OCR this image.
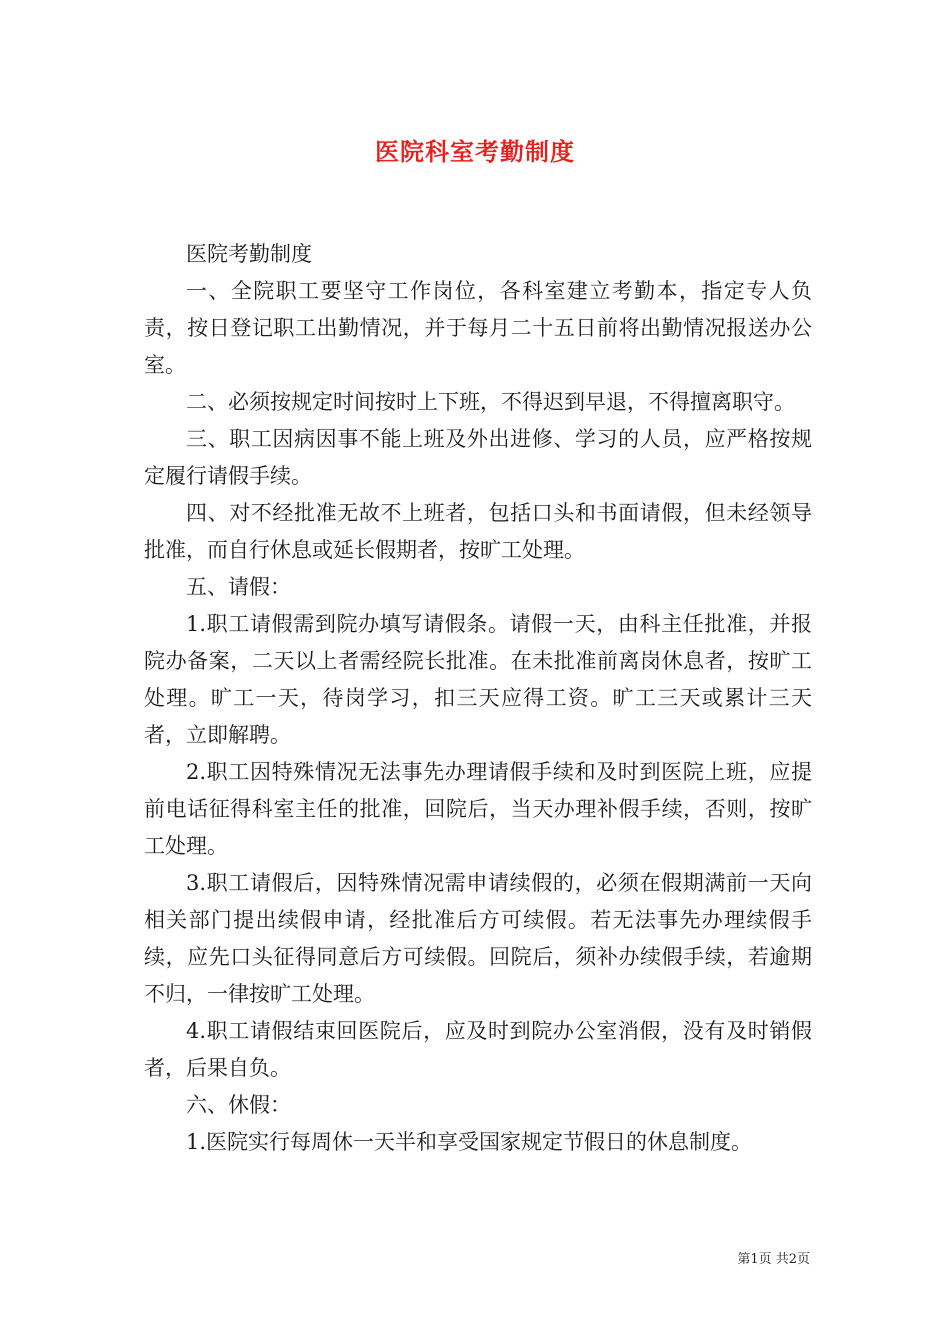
医院科室考勤制度

医院考勤制度

一、全院职工要坚守工作岗位，各科室建立考勤本，指定专人负责，按日登记职工出勤情况，并于每月二十五日前将出勤情况报送办公室。

二、必须按规定时间按时上下班，不得迟到早退，不得擅离职守。

三、职工因病因事不能上班及外出进修、学习的人员，应严格按规定履行请假手续。

四、对不经批准无故不上班者，包括口头和书面请假，但未经领导批准，而自行休息或延长假期者，按旷工处理。

五、请假：

1.职工请假需到院办填写请假条。请假一天，由科主任批准，并报院办备案，二天以上者需经院长批准。在未批准前离岗休息者，按旷工处理。旷工一天，待岗学习，扣三天应得工资。旷工三天或累计三天者，立即解聘。

2.职工因特殊情况无法事先办理请假手续和及时到医院上班，应提前电话征得科室主任的批准，回院后，当天办理补假手续，否则，按旷工处理。

3.职工请假后，因特殊情况需申请续假的，必须在假期满前一天向相关部门提出续假申请，经批准后方可续假。若无法事先办理续假手续，应先口头征得同意后方可续假。回院后，须补办续假手续，若逾期不归，一律按旷工处理。

4.职工请假结束回医院后，应及时到院办公室消假，没有及时销假者，后果自负。

六、休假：

1.医院实行每周休一天半和享受国家规定节假日的休息制度。

第1页 共2页
